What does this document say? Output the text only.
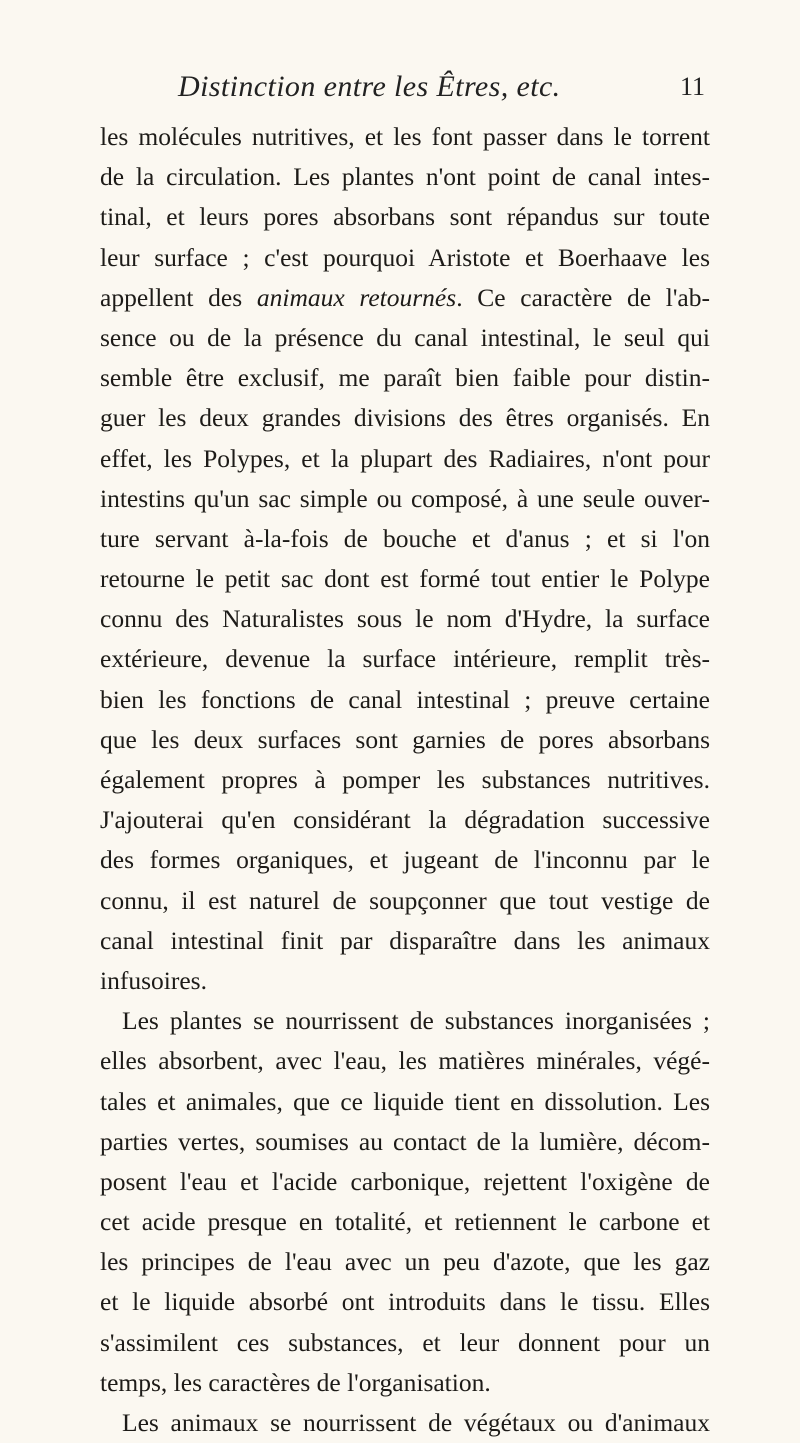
Distinction entre les Êtres, etc.	11
les molécules nutritives, et les font passer dans le torrent
de la circulation. Les plantes n'ont point de canal intes-
tinal, et leurs pores absorbans sont répandus sur toute
leur surface ; c'est pourquoi Aristote et Boerhaave les
appellent des animaux retournés. Ce caractère de l'ab-
sence ou de la présence du canal intestinal, le seul qui
semble être exclusif, me paraît bien faible pour distin-
guer les deux grandes divisions des êtres organisés. En
effet, les Polypes, et la plupart des Radiaires, n'ont pour
intestins qu'un sac simple ou composé, à une seule ouver-
ture servant à-la-fois de bouche et d'anus ; et si l'on
retourne le petit sac dont est formé tout entier le Polype
connu des Naturalistes sous le nom d'Hydre, la surface
extérieure, devenue la surface intérieure, remplit très-
bien les fonctions de canal intestinal ; preuve certaine
que les deux surfaces sont garnies de pores absorbans
également propres à pomper les substances nutritives.
J'ajouterai qu'en considérant la dégradation successive
des formes organiques, et jugeant de l'inconnu par le
connu, il est naturel de soupçonner que tout vestige de
canal intestinal finit par disparaître dans les animaux
infusoires.
Les plantes se nourrissent de substances inorganisées ;
elles absorbent, avec l'eau, les matières minérales, végé-
tales et animales, que ce liquide tient en dissolution. Les
parties vertes, soumises au contact de la lumière, décom-
posent l'eau et l'acide carbonique, rejettent l'oxigène de
cet acide presque en totalité, et retiennent le carbone et
les principes de l'eau avec un peu d'azote, que les gaz
et le liquide absorbé ont introduits dans le tissu. Elles
s'assimilent ces substances, et leur donnent pour un
temps, les caractères de l'organisation.
Les animaux se nourrissent de végétaux ou d'animaux
